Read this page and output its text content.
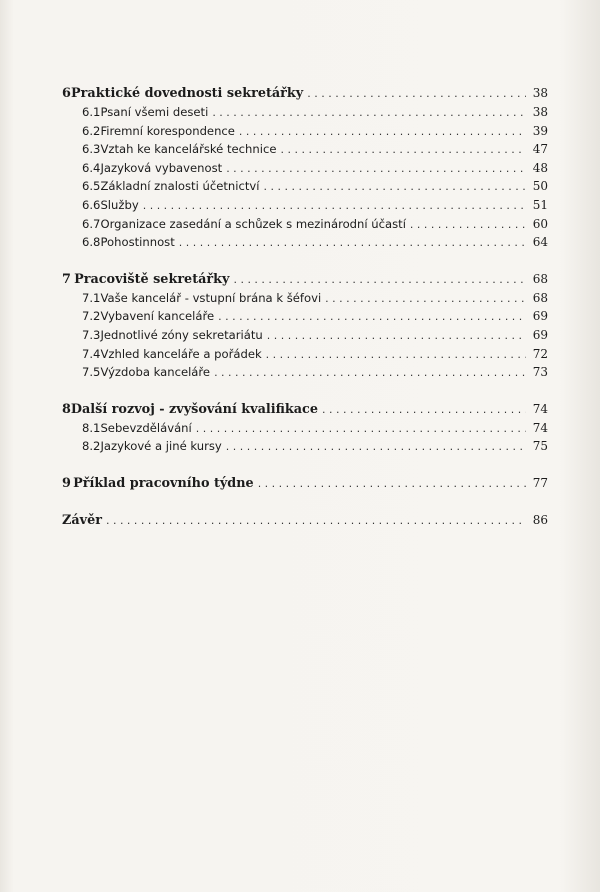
6 Praktické dovednosti sekretářky . . .	38
6.1 Psaní všemi deseti . . .	38
6.2 Firemní korespondence . . .	39
6.3 Vztah ke kancelářské technice . . .	47
6.4 Jazyková vybavenost . . .	48
6.5 Základní znalosti účetnictví . . .	50
6.6 Služby . . .	51
6.7 Organizace zasedání a schůzek s mezinárodní účastí . . .	60
6.8 Pohostinnost . . .	64
7 Pracoviště sekretářky . . .	68
7.1 Vaše kancelář - vstupní brána k šéfovi . . .	68
7.2 Vybavení kanceláře . . .	69
7.3 Jednotlivé zóny sekretariátu . . .	69
7.4 Vzhled kanceláře a pořádek . . .	72
7.5 Výzdoba kanceláře . . .	73
8 Další rozvoj - zvyšování kvalifikace . . .	74
8.1 Sebevzdělávání . . .	74
8.2 Jazykové a jiné kursy . . .	75
9 Příklad pracovního týdne . . .	77
Závěr . . .	86
